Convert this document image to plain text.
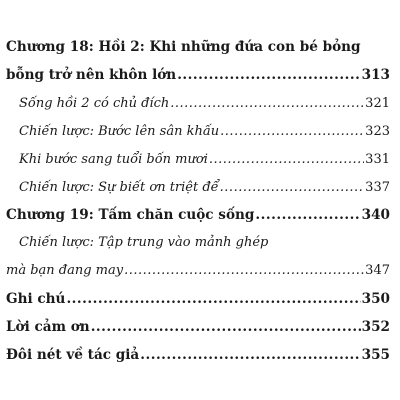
Chương 18: Hồi 2: Khi những đứa con bé bỏng
bỗng trở nên khôn lớn .....	313
Sống hồi 2 có chủ đích .....	321
Chiến lược: Bước lên sân khấu .....	323
Khi bước sang tuổi bốn mươi .....	331
Chiến lược: Sự biết ơn triệt để .....	337
Chương 19: Tấm chăn cuộc sống .....	340
Chiến lược: Tập trung vào mảnh ghép
mà bạn đang may .....	347
Ghi chú .....	350
Lời cảm ơn .....	352
Đôi nét về tác giả .....	355
